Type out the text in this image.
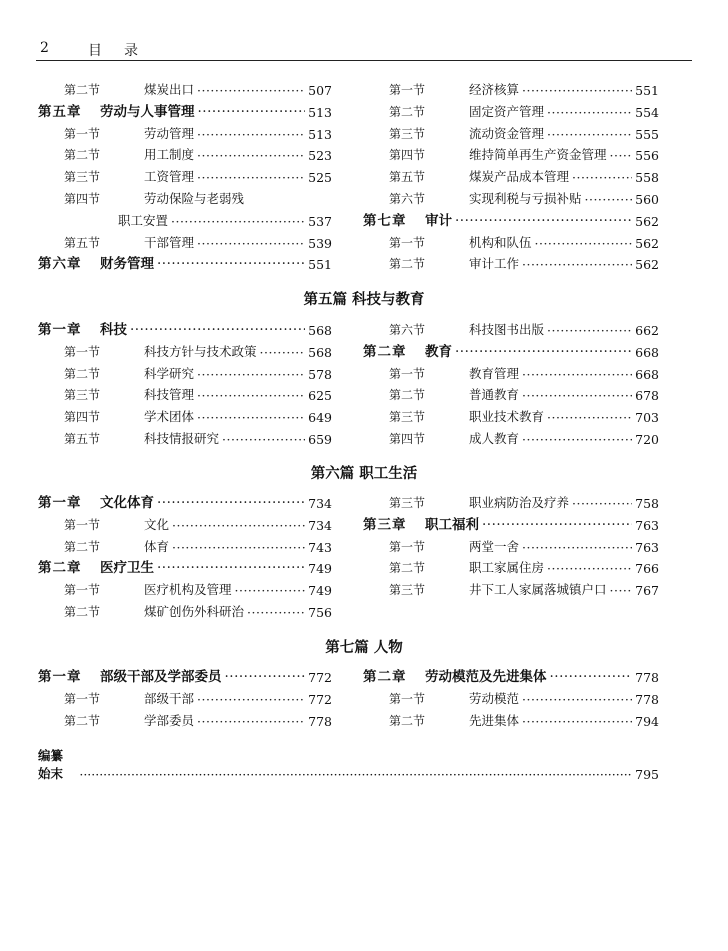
2	目录
第二节	煤炭出口 ·····	507
第五章	劳动与人事管理 ·····	513
第一节	劳动管理 ·····	513
第二节	用工制度 ·····	523
第三节	工资管理 ·····	525
第四节	劳动保险与老弱残
职工安置 ·····	537
第五节	干部管理 ·····	539
第六章	财务管理 ·····	551
第一节	经济核算 ·····	551
第二节	固定资产管理 ·····	554
第三节	流动资金管理 ·····	555
第四节	维持简单再生产资金管理 ····· 556
第五节	煤炭产品成本管理 ·····	558
第六节	实现利税与亏损补贴 ·····	560
第七章	审计 ·····	562
第一节	机构和队伍 ·····	562
第二节	审计工作 ·····	562
第五篇 科技与教育
第一章	科技 ·····	568
第一节	科技方针与技术政策 ·····	568
第二节	科学研究 ·····	578
第三节	科技管理 ·····	625
第四节	学术团体 ·····	649
第五节	科技情报研究 ·····	659
第六节	科技图书出版 ·····	662
第二章	教育 ·····	668
第一节	教育管理 ·····	668
第二节	普通教育 ·····	678
第三节	职业技术教育 ·····	703
第四节	成人教育 ·····	720
第六篇 职工生活
第一章	文化体育 ·····	734
第一节	文化 ·····	734
第二节	体育 ·····	743
第二章	医疗卫生 ·····	749
第一节	医疗机构及管理 ·····	749
第二节	煤矿创伤外科研治 ·····	756
第三节	职业病防治及疗养 ·····	758
第三章	职工福利 ·····	763
第一节	两堂一舍 ·····	763
第二节	职工家属住房 ·····	766
第三节	井下工人家属落城镇户口 ····· 767
第七篇 人物
第一章	部级干部及学部委员 ·····	772
第一节	部级干部 ·····	772
第二节	学部委员 ·····	778
第二章	劳动模范及先进集体 ·····	778
第一节	劳动模范 ·····	778
第二节	先进集体 ·····	794
编纂始末 ·····	795
